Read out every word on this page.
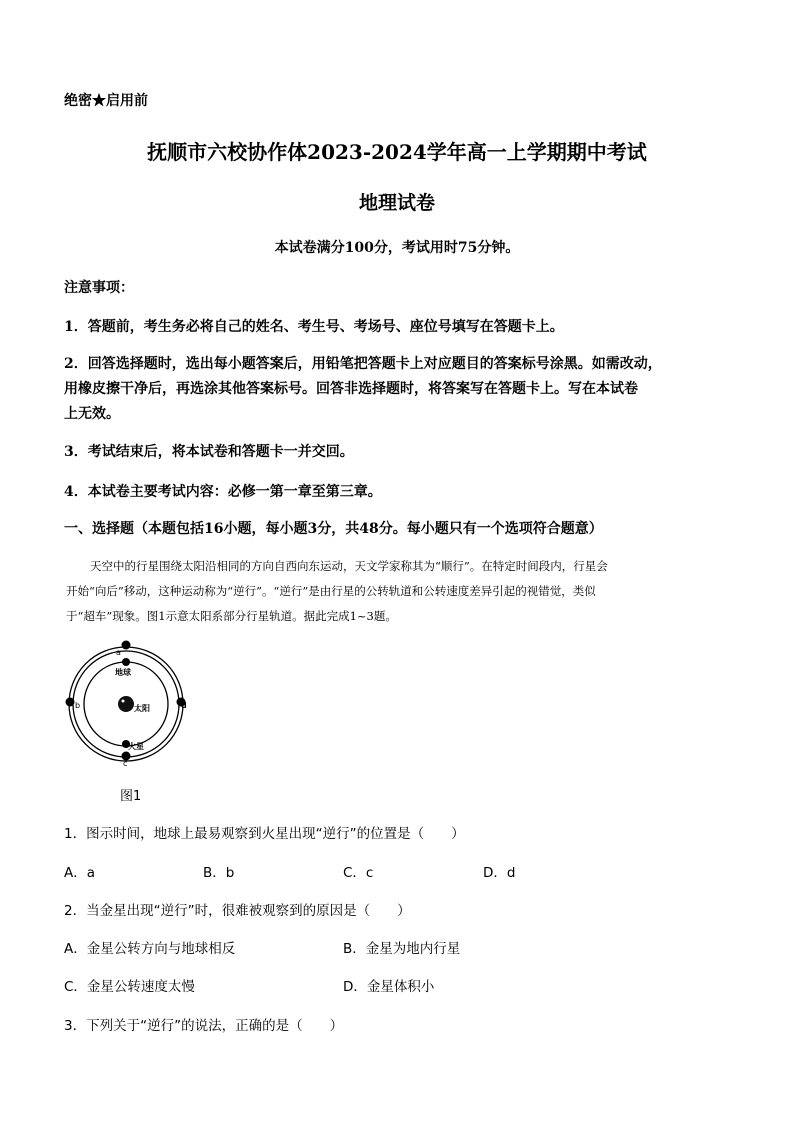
绝密★启用前
抚顺市六校协作体2023-2024学年高一上学期期中考试
地理试卷
本试卷满分100分，考试用时75分钟。
注意事项：
1．答题前，考生务必将自己的姓名、考生号、考场号、座位号填写在答题卡上。
2．回答选择题时，选出每小题答案后，用铅笔把答题卡上对应题目的答案标号涂黑。如需改动，
用橡皮擦干净后，再选涂其他答案标号。回答非选择题时，将答案写在答题卡上。写在本试卷
上无效。
3．考试结束后，将本试卷和答题卡一并交回。
4．本试卷主要考试内容：必修一第一章至第三章。
一、选择题（本题包括16小题，每小题3分，共48分。每小题只有一个选项符合题意）
天空中的行星围绕太阳沿相同的方向自西向东运动，天文学家称其为“顺行”。在特定时间段内，行星会
开始“向后”移动，这种运动称为“逆行”。“逆行”是由行星的公转轨道和公转速度差异引起的视错觉，类似
于“超车”现象。图1示意太阳系部分行星轨道。据此完成1~3题。
a
地球
太阳
b	d
火星
c
图1
1．图示时间，地球上最易观察到火星出现“逆行”的位置是（　　）
A．a	B．b	C．c	D．d
2．当金星出现“逆行”时，很难被观察到的原因是（　　）
A．金星公转方向与地球相反	B．金星为地内行星
C．金星公转速度太慢	D．金星体积小
3．下列关于“逆行”的说法，正确的是（　　）
